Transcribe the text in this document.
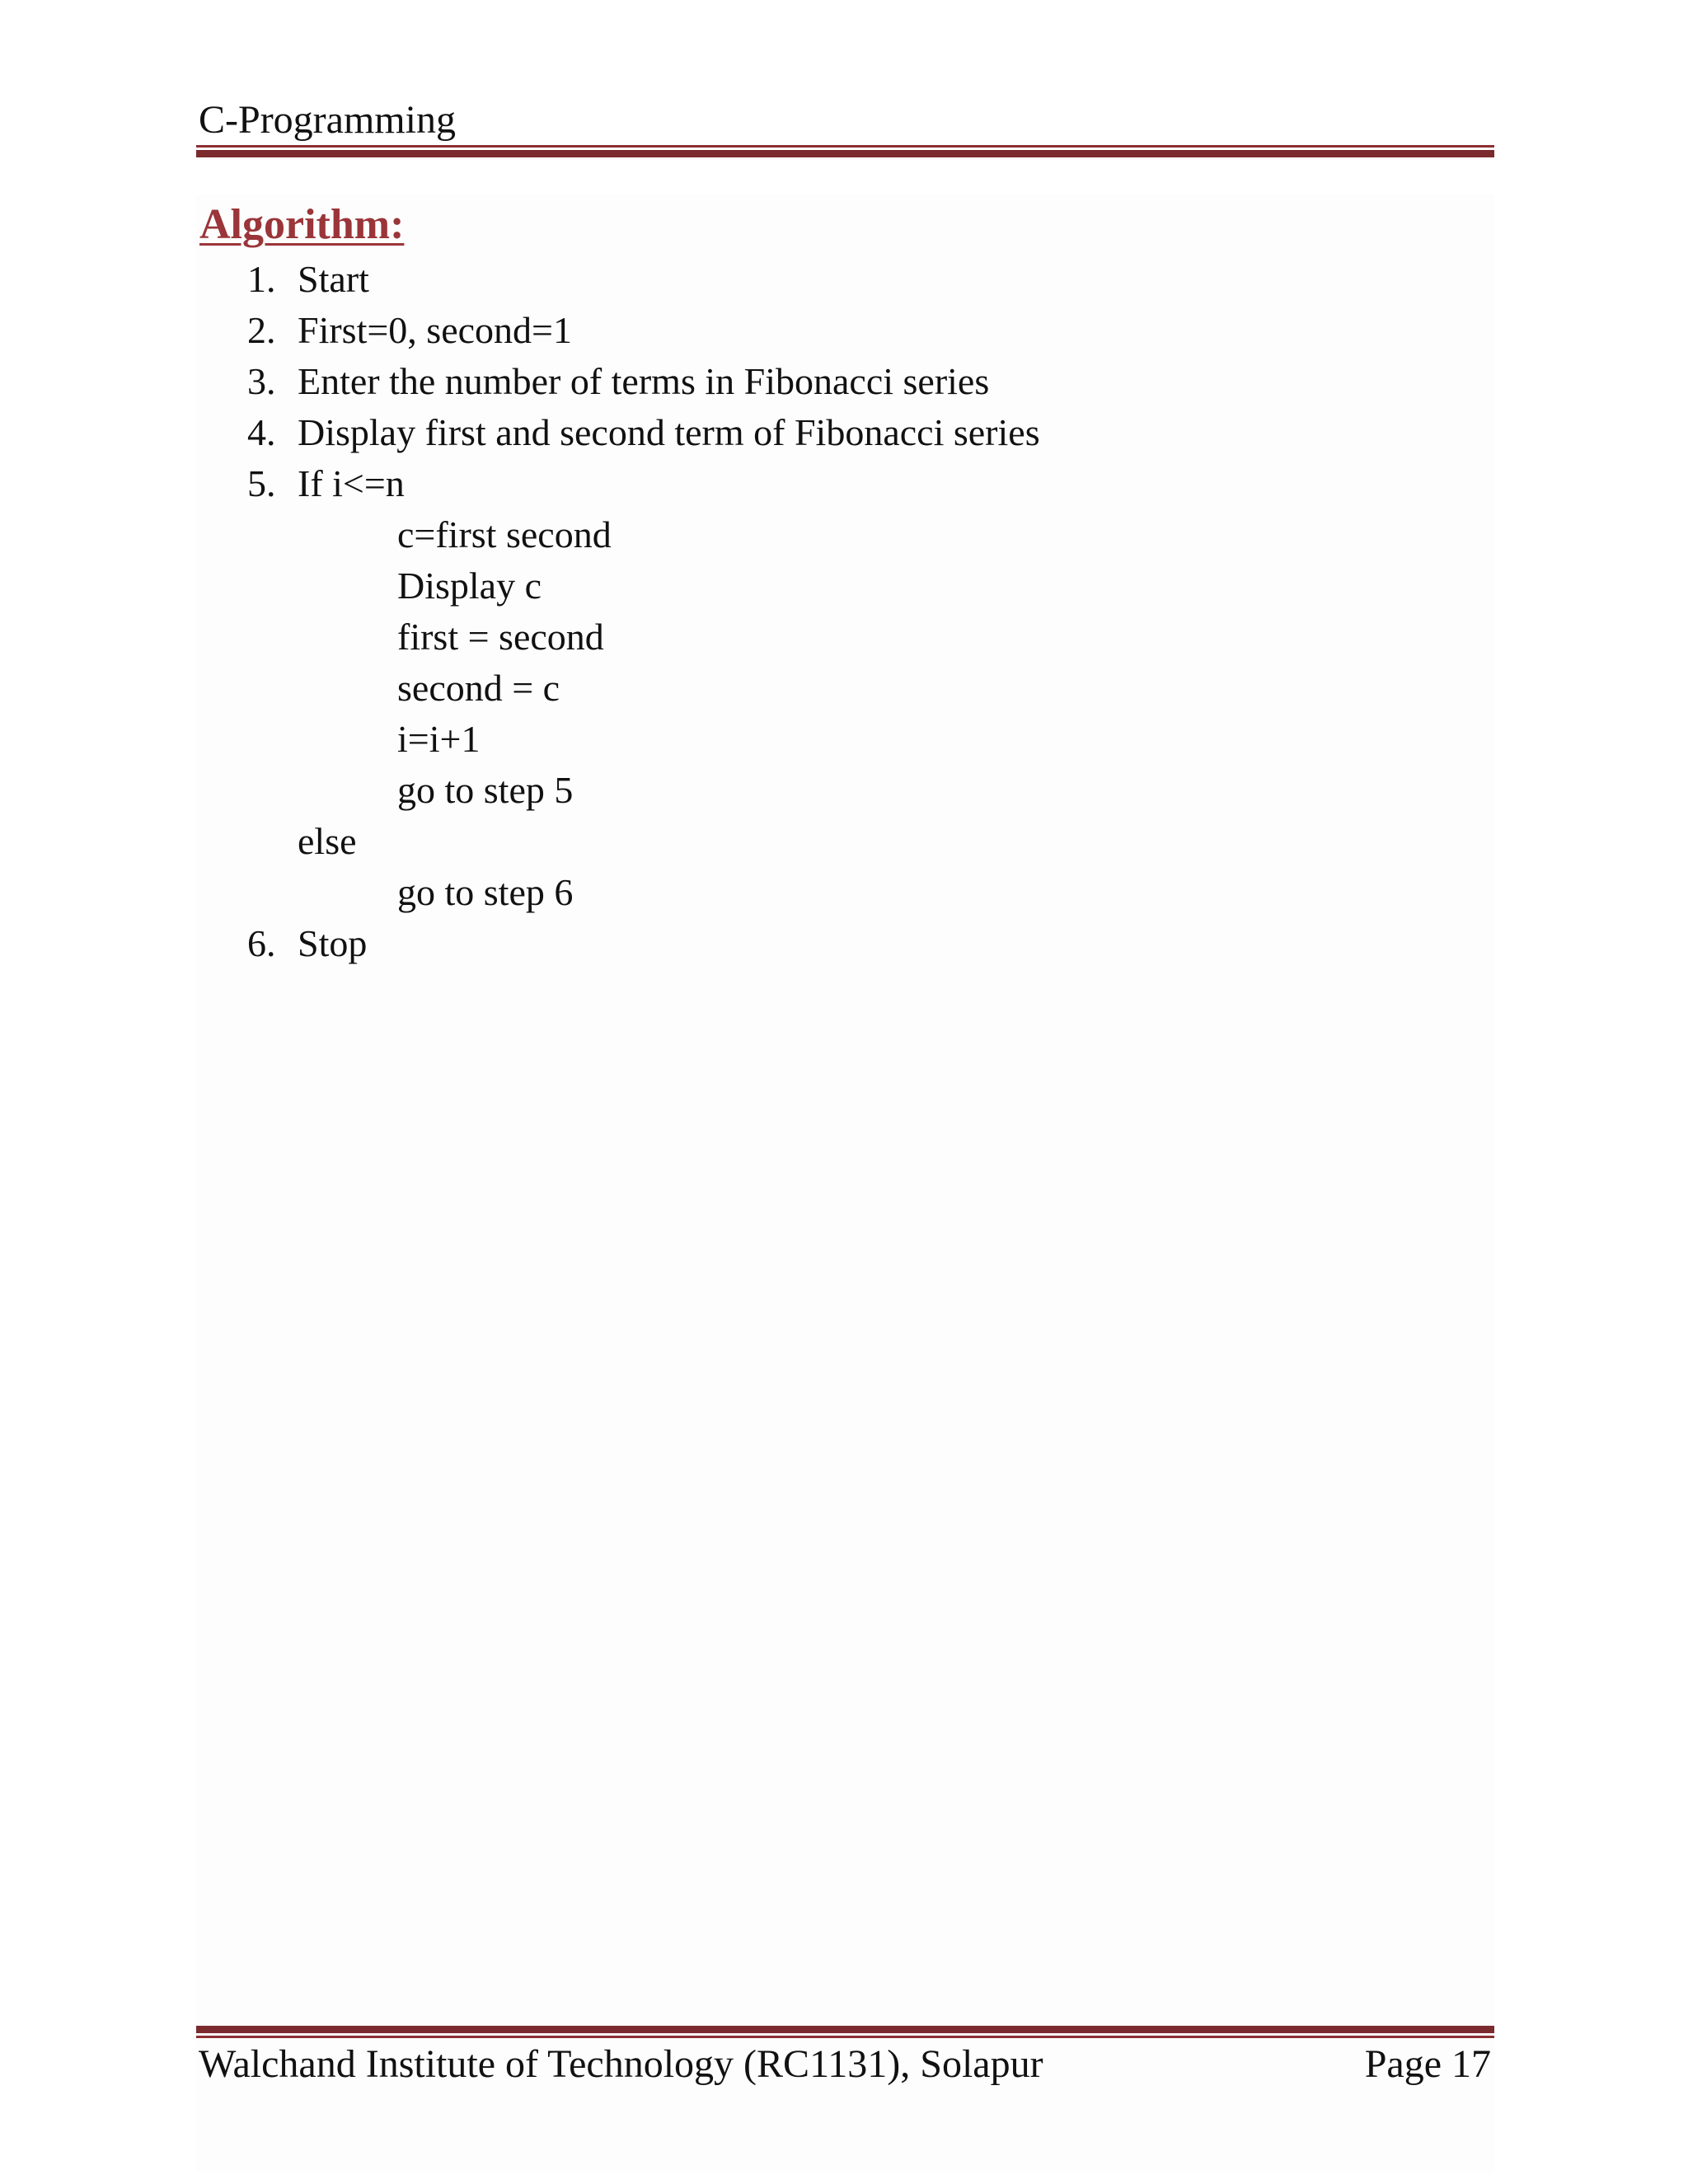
C-Programming
Algorithm:
1. Start
2. First=0, second=1
3. Enter the number of terms in Fibonacci series
4. Display first and second term of Fibonacci series
5. If i<=n
c=first second
Display c
first = second
second = c
i=i+1
go to step 5
else
go to step 6
6. Stop
Walchand Institute of Technology (RC1131), Solapur	Page 17
